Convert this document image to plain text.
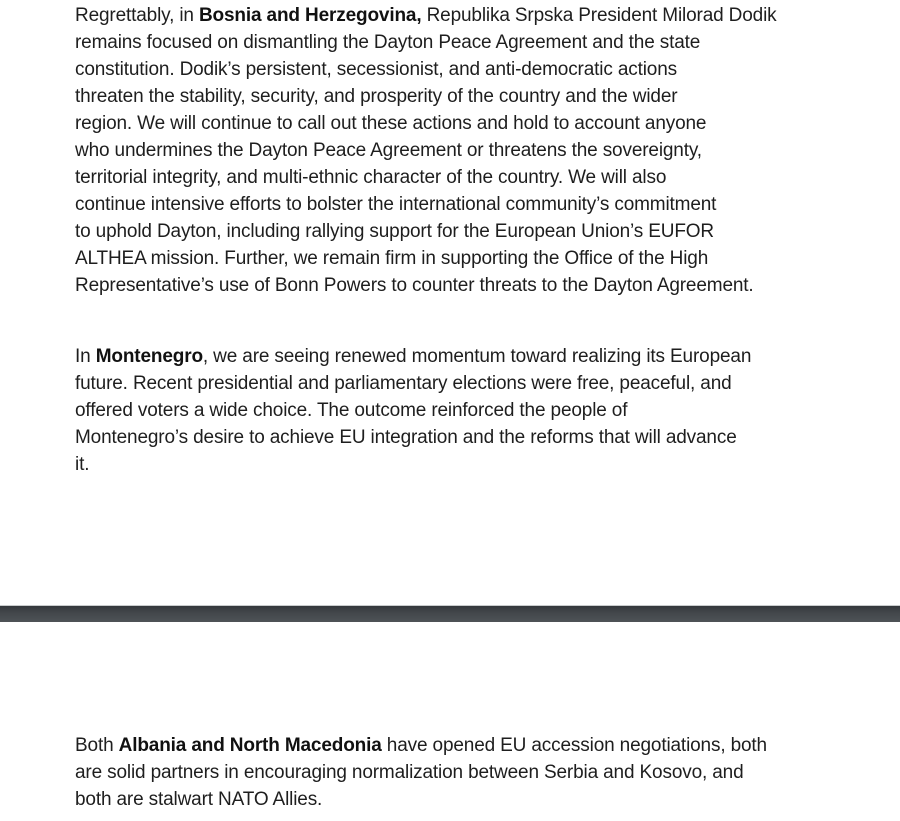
Regrettably, in Bosnia and Herzegovina, Republika Srpska President Milorad Dodik
remains focused on dismantling the Dayton Peace Agreement and the state
constitution. Dodik’s persistent, secessionist, and anti-democratic actions
threaten the stability, security, and prosperity of the country and the wider
region. We will continue to call out these actions and hold to account anyone
who undermines the Dayton Peace Agreement or threatens the sovereignty,
territorial integrity, and multi-ethnic character of the country. We will also
continue intensive efforts to bolster the international community’s commitment
to uphold Dayton, including rallying support for the European Union’s EUFOR
ALTHEA mission. Further, we remain firm in supporting the Office of the High
Representative’s use of Bonn Powers to counter threats to the Dayton Agreement.

In Montenegro, we are seeing renewed momentum toward realizing its European
future. Recent presidential and parliamentary elections were free, peaceful, and
offered voters a wide choice. The outcome reinforced the people of
Montenegro’s desire to achieve EU integration and the reforms that will advance
it.

Both Albania and North Macedonia have opened EU accession negotiations, both
are solid partners in encouraging normalization between Serbia and Kosovo, and
both are stalwart NATO Allies.
